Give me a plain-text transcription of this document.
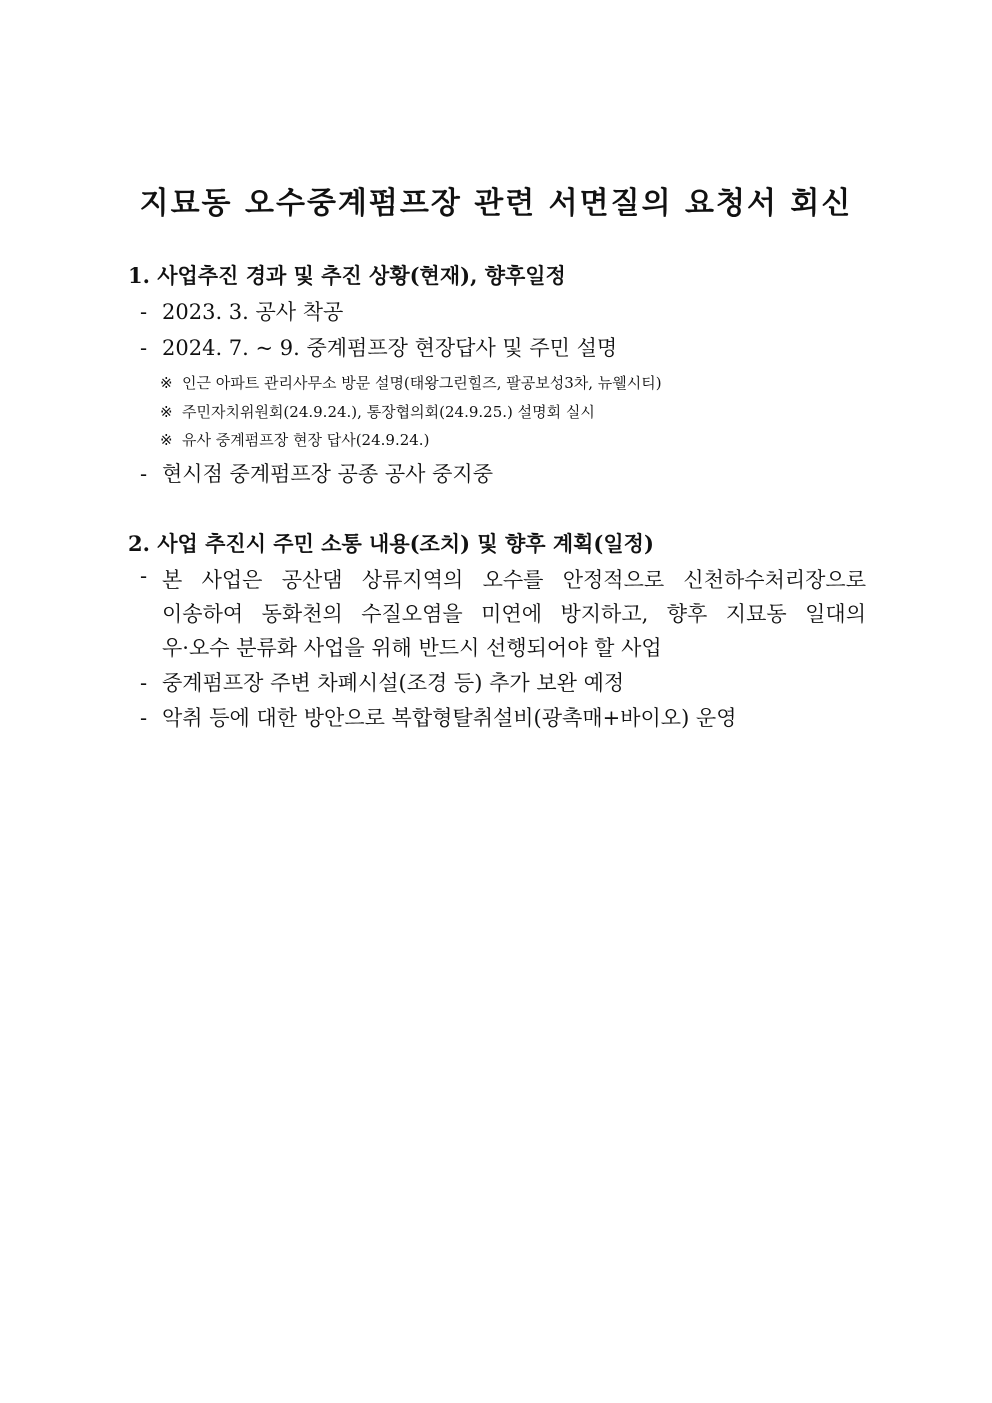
지묘동 오수중계펌프장 관련 서면질의 요청서 회신
1. 사업추진 경과 및 추진 상황(현재), 향후일정
- 2023. 3. 공사 착공
- 2024. 7. ~ 9. 중계펌프장 현장답사 및 주민 설명
※ 인근 아파트 관리사무소 방문 설명(태왕그린힐즈, 팔공보성3차, 뉴웰시티)
※ 주민자치위원회(24.9.24.), 통장협의회(24.9.25.) 설명회 실시
※ 유사 중계펌프장 현장 답사(24.9.24.)
- 현시점 중계펌프장 공종 공사 중지중
2. 사업 추진시 주민 소통 내용(조치) 및 향후 계획(일정)
- 본 사업은 공산댐 상류지역의 오수를 안정적으로 신천하수처리장으로
이송하여 동화천의 수질오염을 미연에 방지하고, 향후 지묘동 일대의
우·오수 분류화 사업을 위해 반드시 선행되어야 할 사업
- 중계펌프장 주변 차폐시설(조경 등) 추가 보완 예정
- 악취 등에 대한 방안으로 복합형탈취설비(광촉매+바이오) 운영
